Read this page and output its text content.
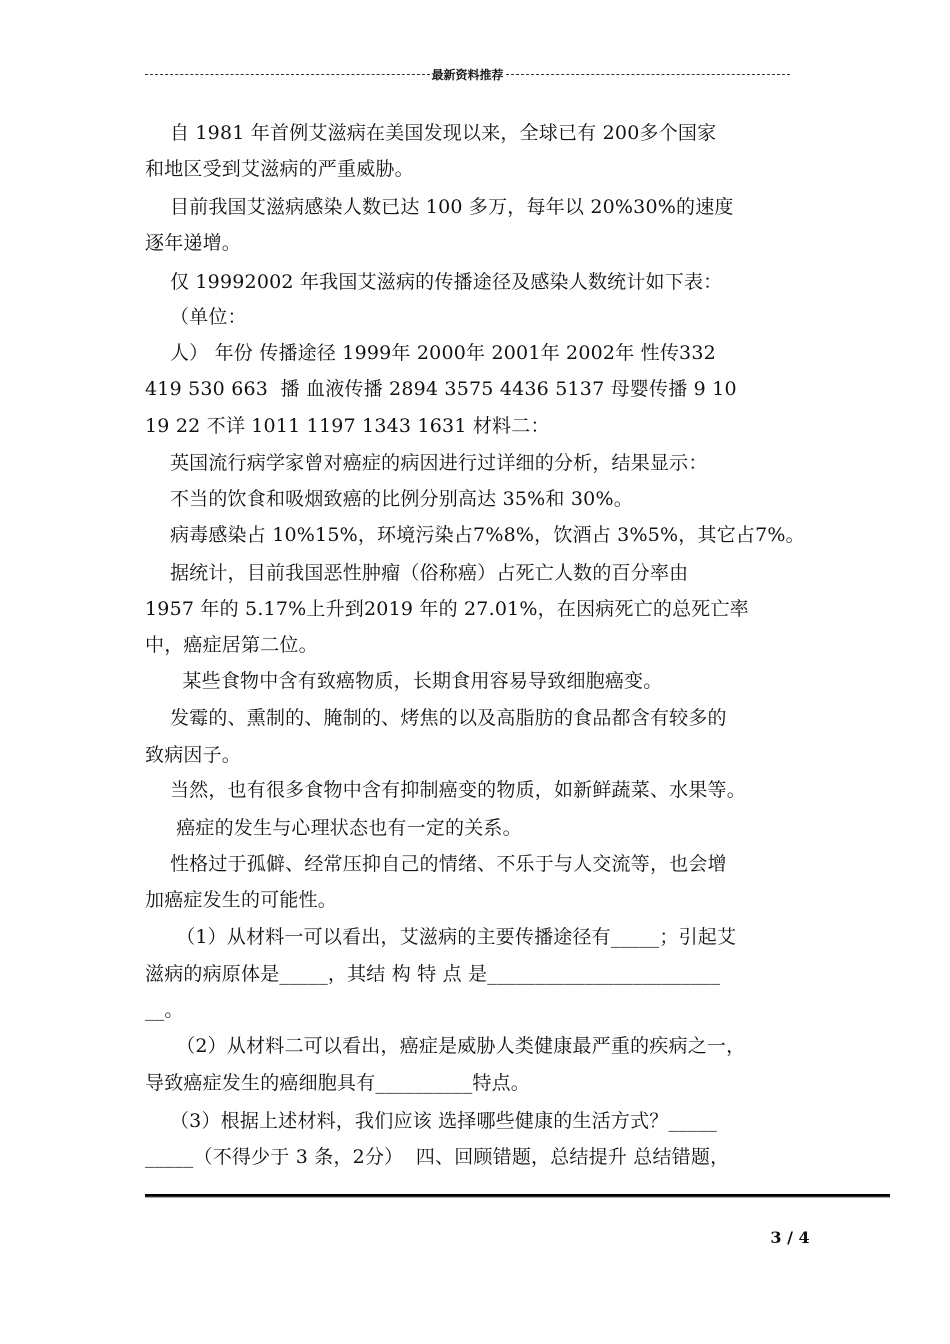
最新资料推荐
自 1981 年首例艾滋病在美国发现以来，全球已有 200多个国家
和地区受到艾滋病的严重威胁。
目前我国艾滋病感染人数已达 100 多万，每年以 20%30%的速度
逐年递增。
仅 19992002 年我国艾滋病的传播途径及感染人数统计如下表：
（单位：
人） 年份 传播途径 1999年 2000年 2001年 2002年 性传332
419 530 663  播 血液传播 2894 3575 4436 5137 母婴传播 9 10
19 22 不详 1011 1197 1343 1631 材料二：
英国流行病学家曾对癌症的病因进行过详细的分析，结果显示：
不当的饮食和吸烟致癌的比例分别高达 35%和 30%。
病毒感染占 10%15%，环境污染占7%8%，饮酒占 3%5%，其它占7%。
据统计，目前我国恶性肿瘤（俗称癌）占死亡人数的百分率由
1957 年的 5.17%上升到2019 年的 27.01%，在因病死亡的总死亡率
中，癌症居第二位。
某些食物中含有致癌物质，长期食用容易导致细胞癌变。
发霉的、熏制的、腌制的、烤焦的以及高脂肪的食品都含有较多的
致病因子。
当然，也有很多食物中含有抑制癌变的物质，如新鲜蔬菜、水果等。
癌症的发生与心理状态也有一定的关系。
性格过于孤僻、经常压抑自己的情绪、不乐于与人交流等，也会增
加癌症发生的可能性。
（1）从材料一可以看出，艾滋病的主要传播途径有_____；引起艾
滋病的病原体是_____，其结 构 特 点 是________________________
__。
（2）从材料二可以看出，癌症是威胁人类健康最严重的疾病之一，
导致癌症发生的癌细胞具有__________特点。
（3）根据上述材料，我们应该 选择哪些健康的生活方式？_____
_____（不得少于 3 条，2分）  四、回顾错题，总结提升 总结错题，
3 / 4
